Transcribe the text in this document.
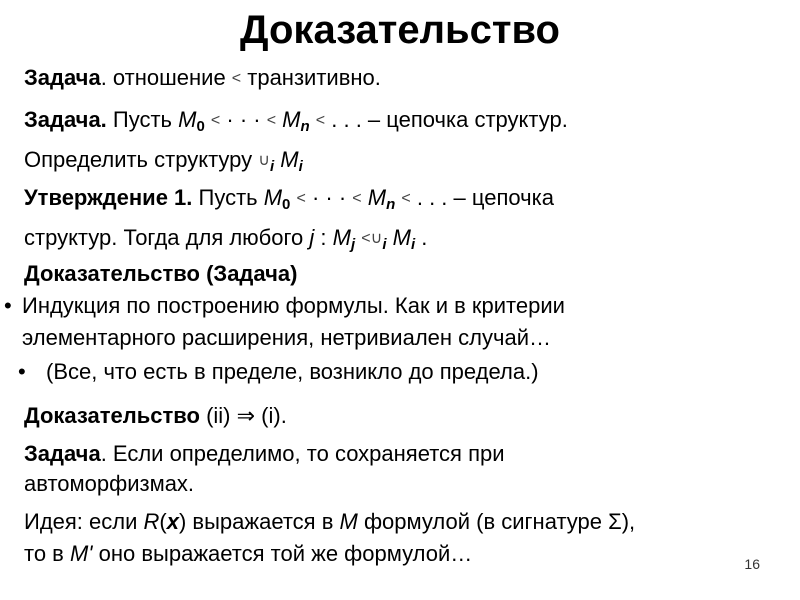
Доказательство
Задача. отношение < транзитивно.
Задача. Пусть $M_0$ < · · · < $M_n$ < . . . – цепочка структур.
Определить структуру $\cup_i$ $M_i$
Утверждение 1. Пусть $M_0$ < · · · < $M_n$ < . . . – цепочка
структур. Тогда для любого j : $M_j$ $<\cup_i$ $M_i$ .
Доказательство (Задача)
• Индукция по построению формулы. Как и в критерии
элементарного расширения, нетривиален случай…
• (Все, что есть в пределе, возникло до предела.)
Доказательство (ii) ⇒ (i).
Задача. Если определимо, то сохраняется при
автоморфизмах.
Идея: если R(x) выражается в M формулой (в сигнатуре Σ),
то в M' оно выражается той же формулой…	16
